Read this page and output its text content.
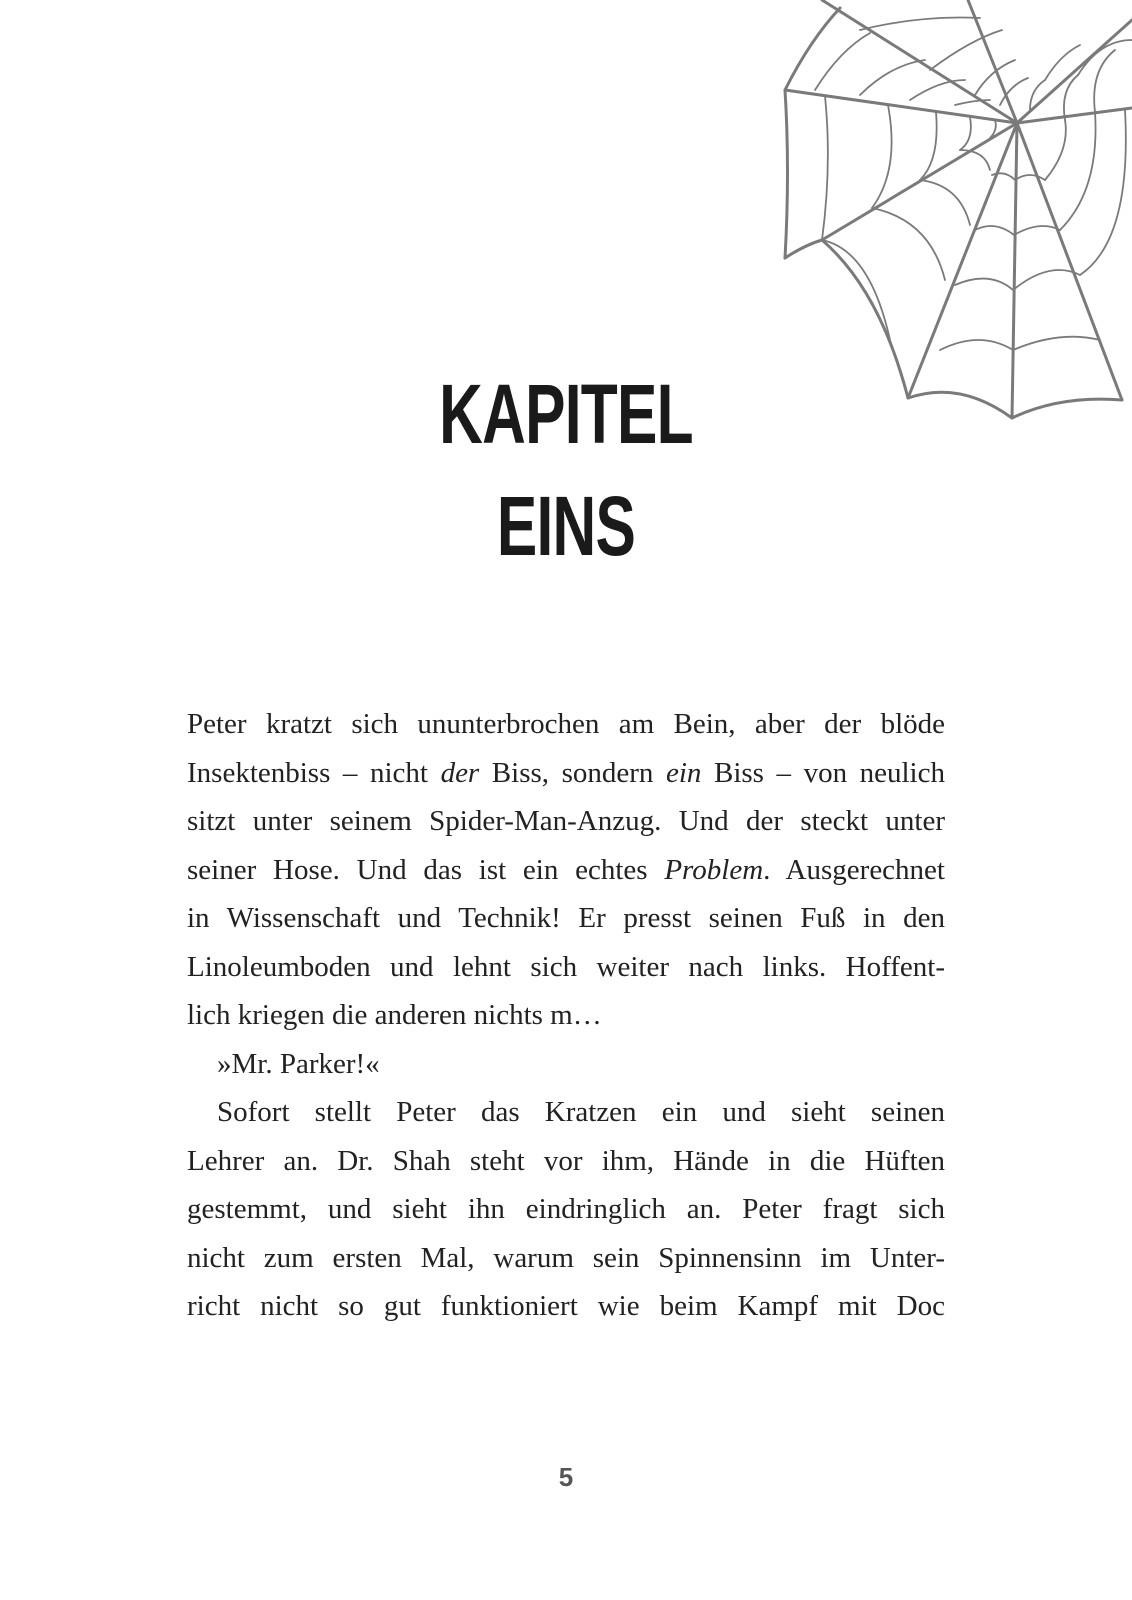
KAPITEL
EINS
Peter kratzt sich ununterbrochen am Bein, aber der blöde
Insektenbiss – nicht der Biss, sondern ein Biss – von neulich
sitzt unter seinem Spider-Man-Anzug. Und der steckt unter
seiner Hose. Und das ist ein echtes Problem. Ausgerechnet
in Wissenschaft und Technik! Er presst seinen Fuß in den
Linoleumboden und lehnt sich weiter nach links. Hoffent-
lich kriegen die anderen nichts m…
»Mr. Parker!«
Sofort stellt Peter das Kratzen ein und sieht seinen
Lehrer an. Dr. Shah steht vor ihm, Hände in die Hüften
gestemmt, und sieht ihn eindringlich an. Peter fragt sich
nicht zum ersten Mal, warum sein Spinnensinn im Unter-
richt nicht so gut funktioniert wie beim Kampf mit Doc
5
